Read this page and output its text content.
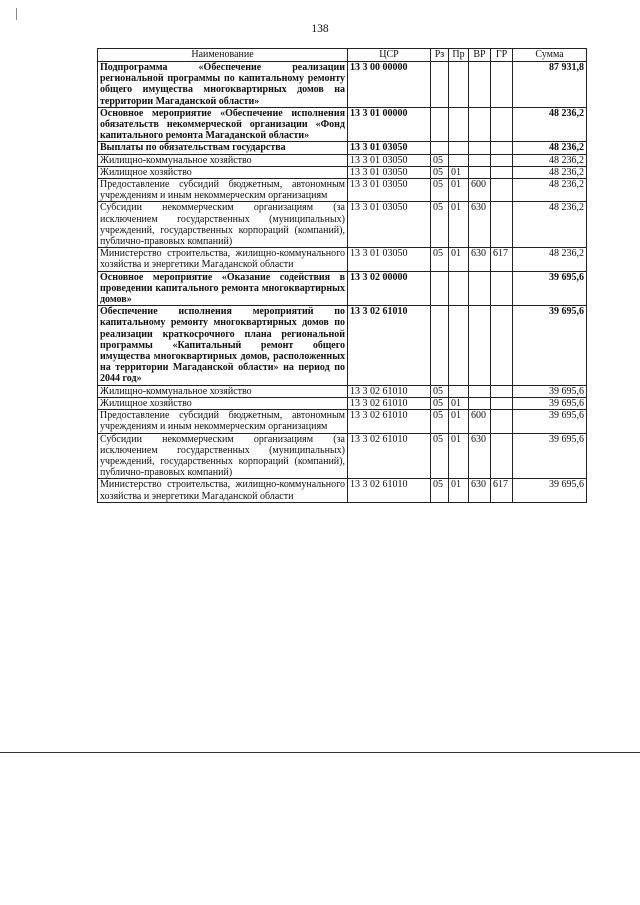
138
Наименование	ЦСР	Рз	Пр	ВР	ГР	Сумма
Подпрограмма «Обеспечение реализации региональной программы по капитальному ремонту общего имущества многоквартирных домов на территории Магаданской области»	13 3 00 00000					87 931,8
Основное мероприятие «Обеспечение исполнения обязательств некоммерческой организации «Фонд капитального ремонта Магаданской области»	13 3 01 00000					48 236,2
Выплаты по обязательствам государства	13 3 01 03050					48 236,2
Жилищно-коммунальное хозяйство	13 3 01 03050	05				48 236,2
Жилищное хозяйство	13 3 01 03050	05	01			48 236,2
Предоставление субсидий бюджетным, автономным учреждениям и иным некоммерческим организациям	13 3 01 03050	05	01	600		48 236,2
Субсидии некоммерческим организациям (за исключением государственных (муниципальных) учреждений, государственных корпораций (компаний), публично-правовых компаний)	13 3 01 03050	05	01	630		48 236,2
Министерство строительства, жилищно-коммунального хозяйства и энергетики Магаданской области	13 3 01 03050	05	01	630	617	48 236,2
Основное мероприятие «Оказание содействия в проведении капитального ремонта многоквартирных домов»	13 3 02 00000					39 695,6
Обеспечение исполнения мероприятий по капитальному ремонту многоквартирных домов по реализации краткосрочного плана региональной программы «Капитальный ремонт общего имущества многоквартирных домов, расположенных на территории Магаданской области» на период по 2044 год»	13 3 02 61010					39 695,6
Жилищно-коммунальное хозяйство	13 3 02 61010	05				39 695,6
Жилищное хозяйство	13 3 02 61010	05	01			39 695,6
Предоставление субсидий бюджетным, автономным учреждениям и иным некоммерческим организациям	13 3 02 61010	05	01	600		39 695,6
Субсидии некоммерческим организациям (за исключением государственных (муниципальных) учреждений, государственных корпораций (компаний), публично-правовых компаний)	13 3 02 61010	05	01	630		39 695,6
Министерство строительства, жилищно-коммунального хозяйства и энергетики Магаданской области	13 3 02 61010	05	01	630	617	39 695,6
